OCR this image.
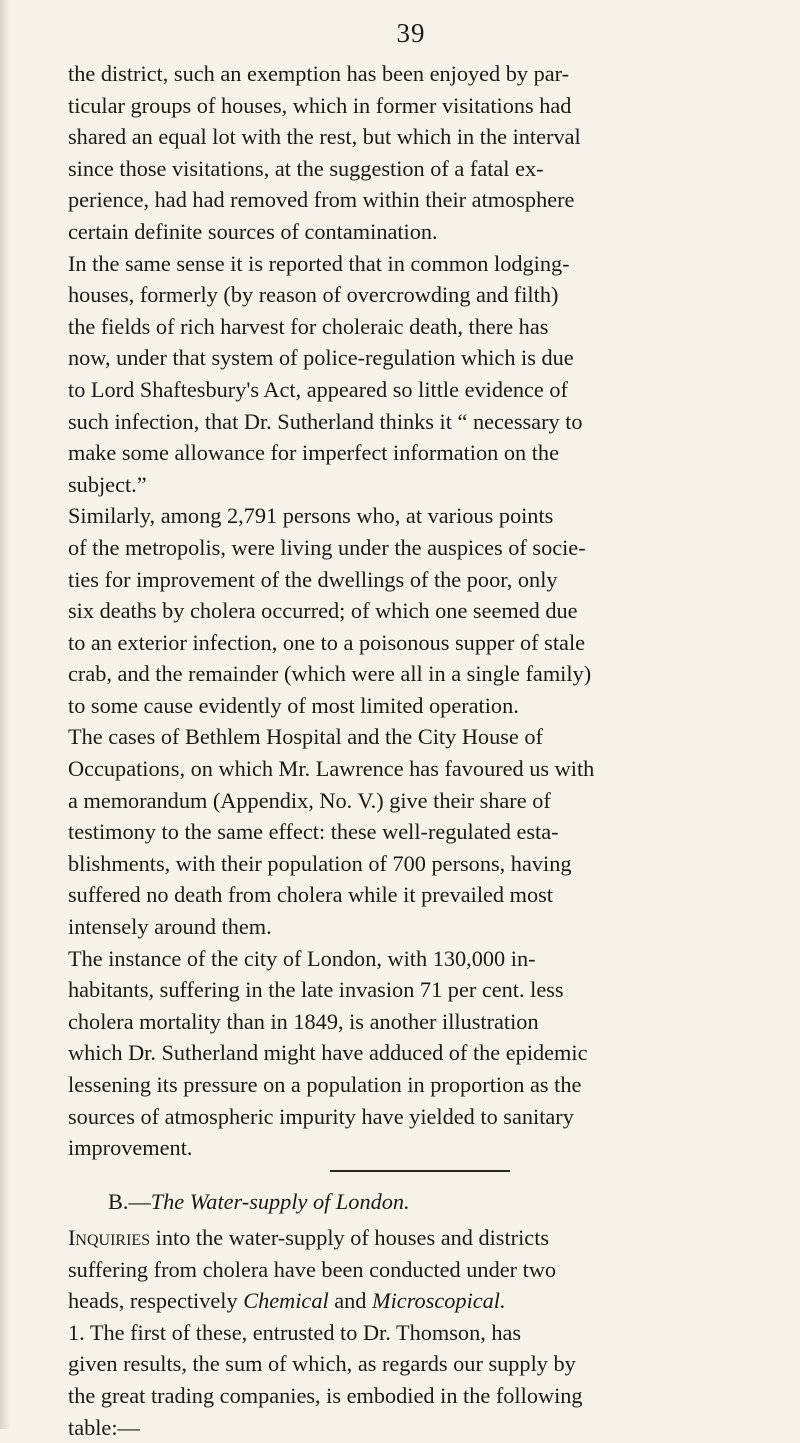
39
the district, such an exemption has been enjoyed by par-
ticular groups of houses, which in former visitations had
shared an equal lot with the rest, but which in the interval
since those visitations, at the suggestion of a fatal ex-
perience, had had removed from within their atmosphere
certain definite sources of contamination.
In the same sense it is reported that in common lodging-
houses, formerly (by reason of overcrowding and filth)
the fields of rich harvest for choleraic death, there has
now, under that system of police-regulation which is due
to Lord Shaftesbury's Act, appeared so little evidence of
such infection, that Dr. Sutherland thinks it “ necessary to
make some allowance for imperfect information on the
subject.”
Similarly, among 2,791 persons who, at various points
of the metropolis, were living under the auspices of socie-
ties for improvement of the dwellings of the poor, only
six deaths by cholera occurred; of which one seemed due
to an exterior infection, one to a poisonous supper of stale
crab, and the remainder (which were all in a single family)
to some cause evidently of most limited operation.
The cases of Bethlem Hospital and the City House of
Occupations, on which Mr. Lawrence has favoured us with
a memorandum (Appendix, No. V.) give their share of
testimony to the same effect: these well-regulated esta-
blishments, with their population of 700 persons, having
suffered no death from cholera while it prevailed most
intensely around them.
The instance of the city of London, with 130,000 in-
habitants, suffering in the late invasion 71 per cent. less
cholera mortality than in 1849, is another illustration
which Dr. Sutherland might have adduced of the epidemic
lessening its pressure on a population in proportion as the
sources of atmospheric impurity have yielded to sanitary
improvement.
B.—The Water-supply of London.
Inquiries into the water-supply of houses and districts
suffering from cholera have been conducted under two
heads, respectively Chemical and Microscopical.
1. The first of these, entrusted to Dr. Thomson, has
given results, the sum of which, as regards our supply by
the great trading companies, is embodied in the following
table:—
